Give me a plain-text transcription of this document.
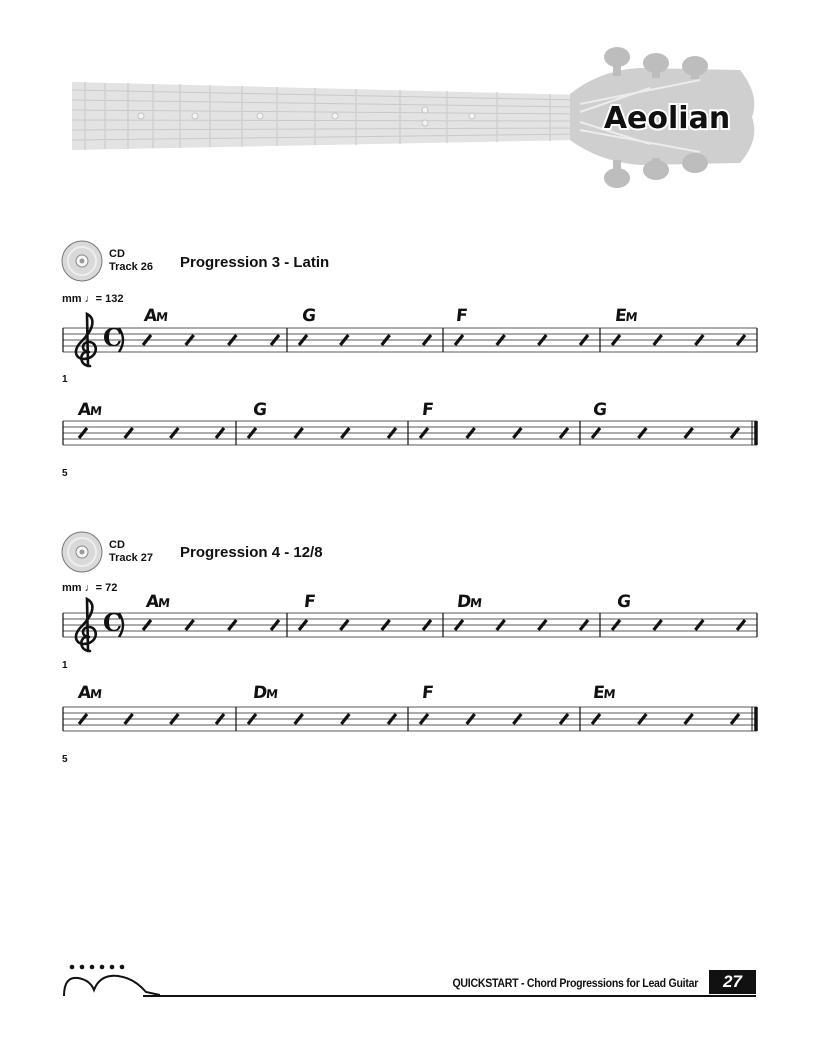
Aeolian
CD
Track 26 Progression 3 - Latin
mm ♩= 132
AM	G	F	EM
C
1
AM	G	F	G
5
CD
Track 27 Progression 4 - 12/8
mm ♩= 72
AM	F	DM	G
C
1
AM	DM	F	EM
5
QUICKSTART - Chord Progressions for Lead Guitar	27
